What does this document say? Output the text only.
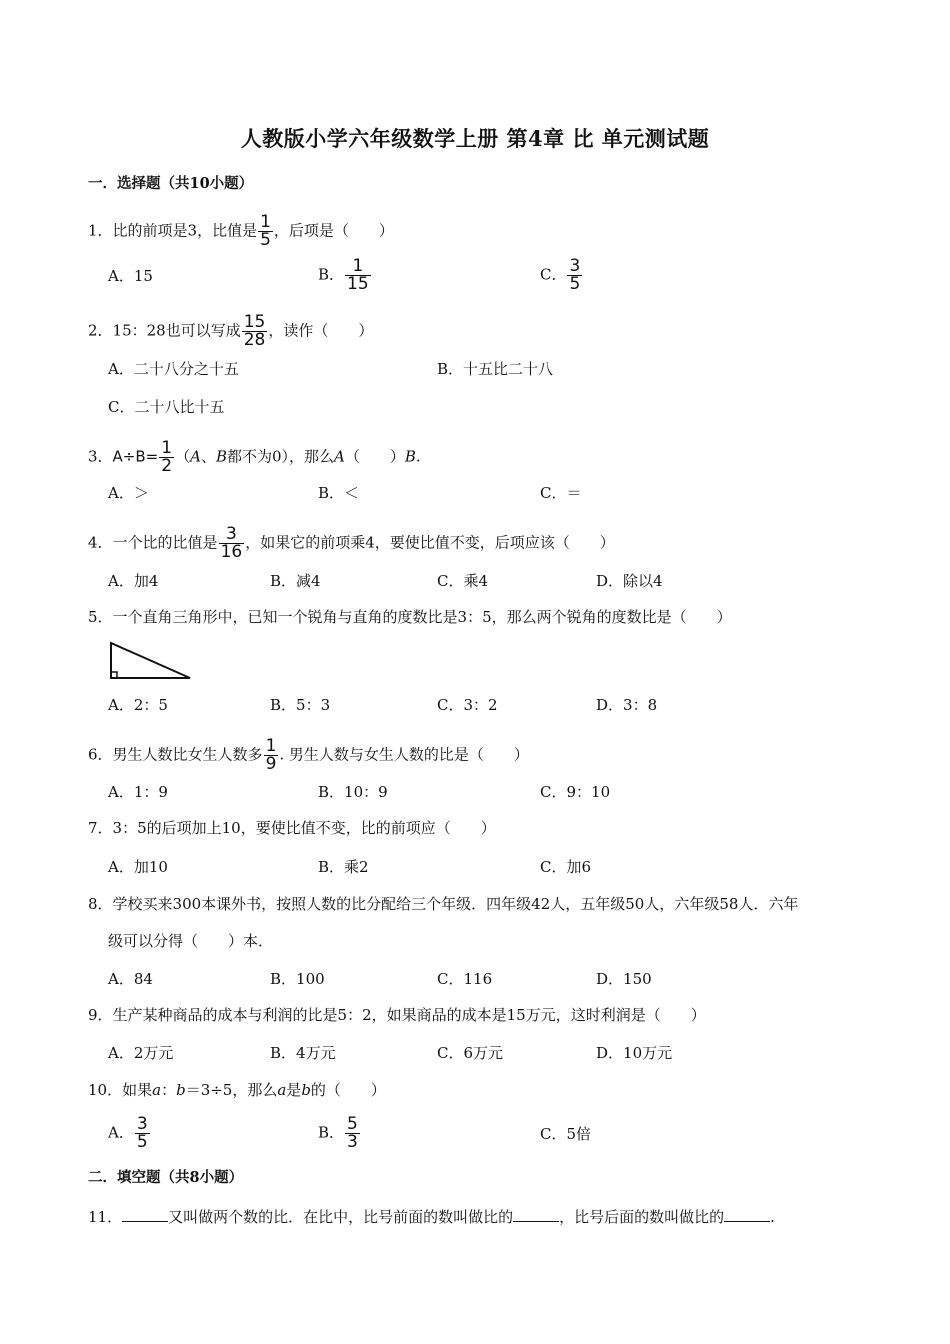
人教版小学六年级数学上册 第4章 比 单元测试题
一．选择题（共10小题）
1．比的前项是3，比值是 $\frac{1}{5}$ ，后项是（　　）
A．15	B． $\frac{1}{15}$	C． $\frac{3}{5}$
2．15：28也可以写成 $\frac{15}{28}$ ，读作（　　）
A．二十八分之十五	B．十五比二十八
C．二十八比十五
3．$A\div B= \frac{1}{2} (A$、B都不为0），那么A（　　）B.
A．＞	B．＜	C．＝
4．一个比的比值是 $\frac{3}{16}$ ，如果它的前项乘4，要使比值不变，后项应该（　　）
A．加4	B．减4	C．乘4	D．除以4
5．一个直角三角形中，已知一个锐角与直角的度数比是3：5，那么两个锐角的度数比是（　　）
A．2：5	B．5：3	C．3：2	D．3：8
6．男生人数比女生人数多 $\frac{1}{9}$ . 男生人数与女生人数的比是（　　）
A．1：9	B．10：9	C．9：10
7．3：5的后项加上10，要使比值不变，比的前项应（　　）
A．加10	B．乘2	C．加6
8．学校买来300本课外书，按照人数的比分配给三个年级．四年级42人，五年级50人，六年级58人．六年
级可以分得（　　）本．
A．84	B．100	C．116	D．150
9．生产某种商品的成本与利润的比是5：2，如果商品的成本是15万元，这时利润是（　　）
A．2万元	B．4万元	C．6万元	D．10万元
10．如果a：b＝3÷5，那么a是b的（　　）
A． $\frac{3}{5}$	B． $\frac{5}{3}$	C．5倍
二．填空题（共8小题）
11．	又叫做两个数的比．在比中，比号前面的数叫做比的	，比号后面的数叫做比的	.
